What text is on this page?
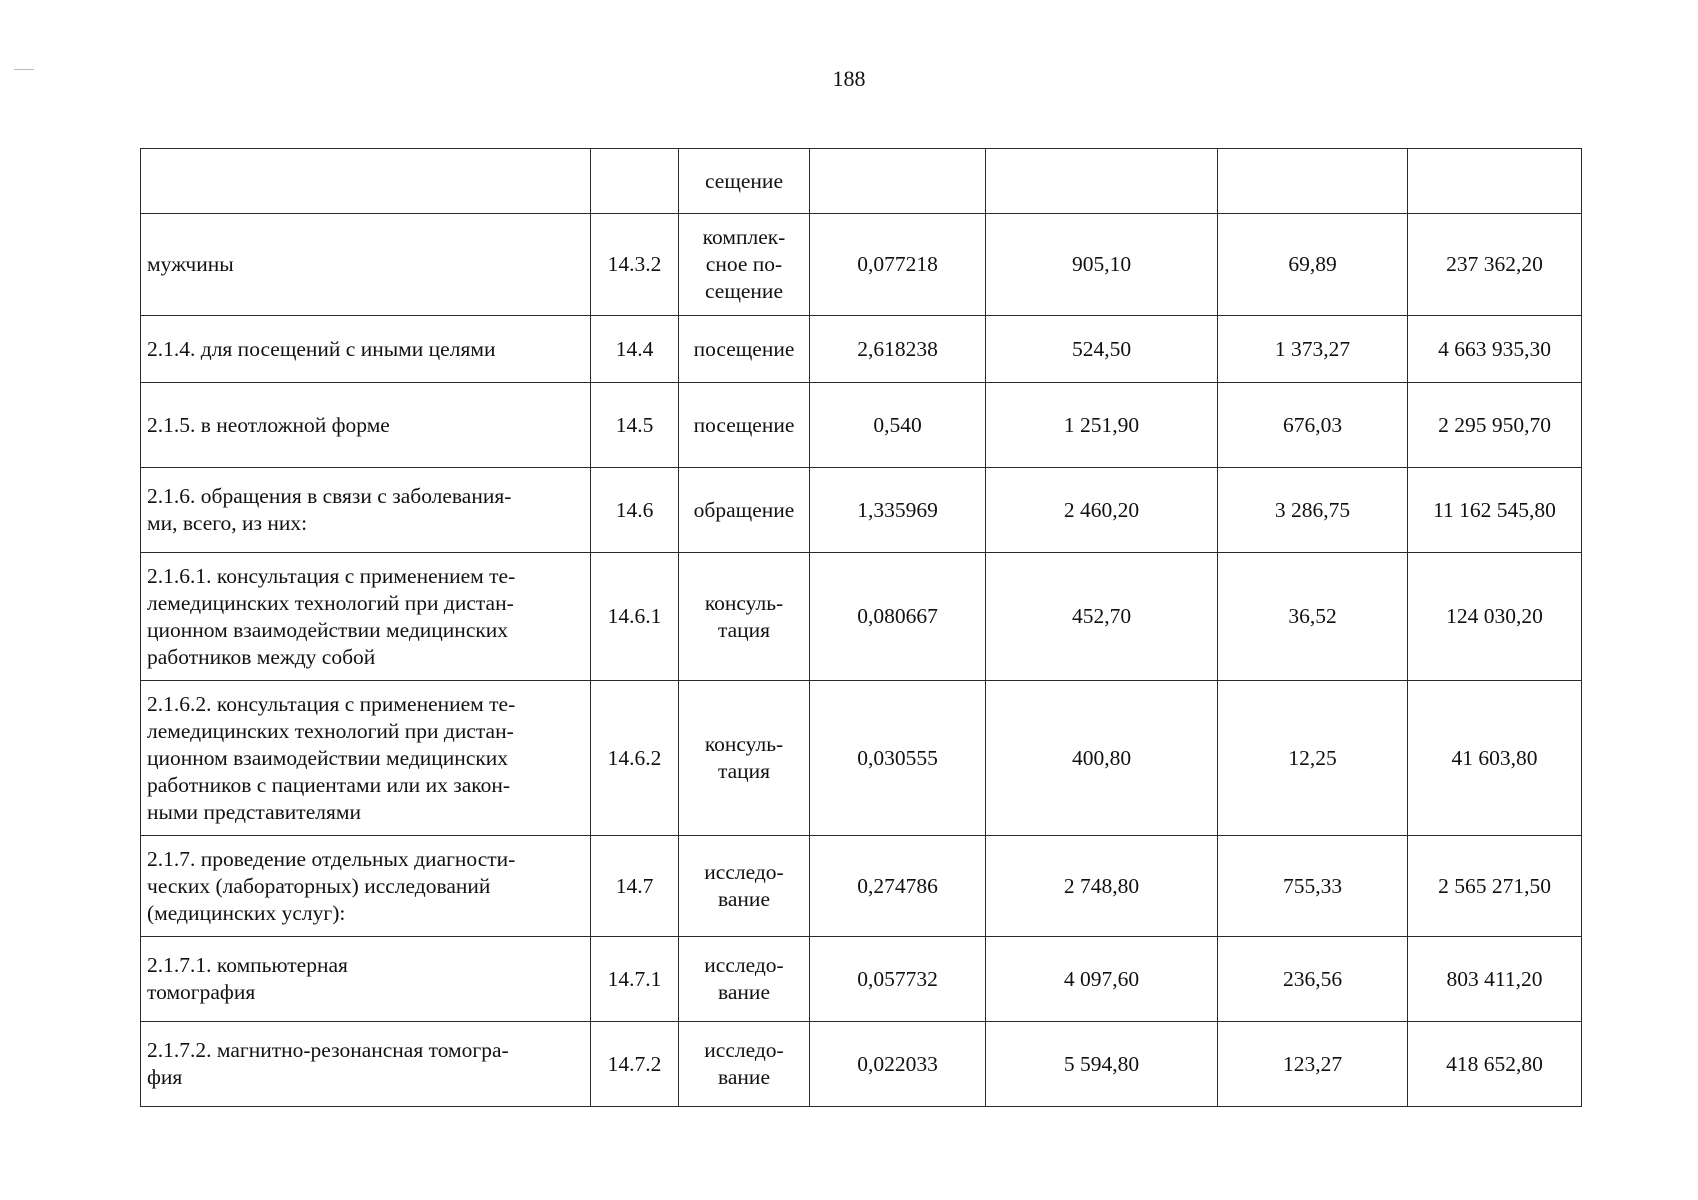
188

		сещение				

мужчины	14.3.2	комплек-
сное по-
сещение	0,077218	905,10	69,89	237 362,20

2.1.4. для посещений с иными целями	14.4	посещение	2,618238	524,50	1 373,27	4 663 935,30

2.1.5. в неотложной форме	14.5	посещение	0,540	1 251,90	676,03	2 295 950,70

2.1.6. обращения в связи с заболевания-
ми, всего, из них:	14.6	обращение	1,335969	2 460,20	3 286,75	11 162 545,80

2.1.6.1. консультация с применением те-
лемедицинских технологий при дистан-
ционном взаимодействии медицинских
работников между собой	14.6.1	консуль-
тация	0,080667	452,70	36,52	124 030,20

2.1.6.2. консультация с применением те-
лемедицинских технологий при дистан-
ционном взаимодействии медицинских
работников с пациентами или их закон-
ными представителями	14.6.2	консуль-
тация	0,030555	400,80	12,25	41 603,80

2.1.7. проведение отдельных диагности-
ческих (лабораторных) исследований
(медицинских услуг):	14.7	исследо-
вание	0,274786	2 748,80	755,33	2 565 271,50

2.1.7.1. компьютерная
томография	14.7.1	исследо-
вание	0,057732	4 097,60	236,56	803 411,20

2.1.7.2. магнитно-резонансная томогра-
фия	14.7.2	исследо-
вание	0,022033	5 594,80	123,27	418 652,80
